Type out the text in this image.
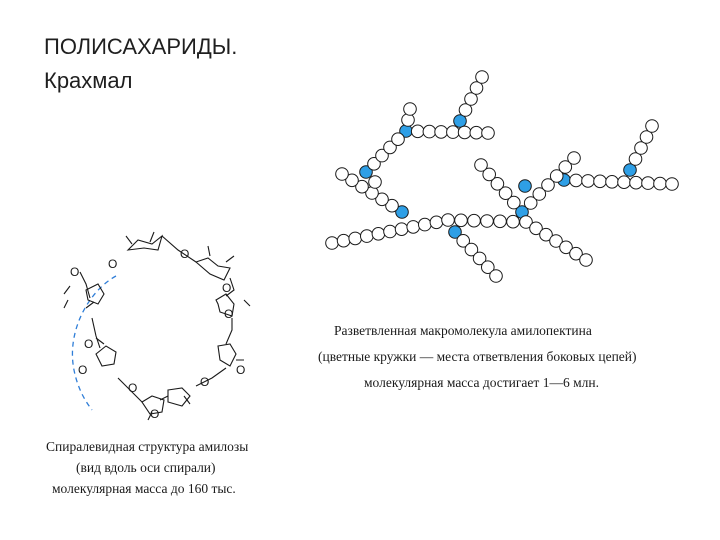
ПОЛИСАХАРИДЫ.
Крахмал
O
O
O
O
O
O
O
O
O
O
O
Спиралевидная структура амилозы
(вид вдоль оси спирали)
молекулярная масса до 160 тыс.
Разветвленная макромолекула амилопектина
(цветные кружки — места ответвления боковых цепей)
молекулярная масса достигает 1—6 млн.
